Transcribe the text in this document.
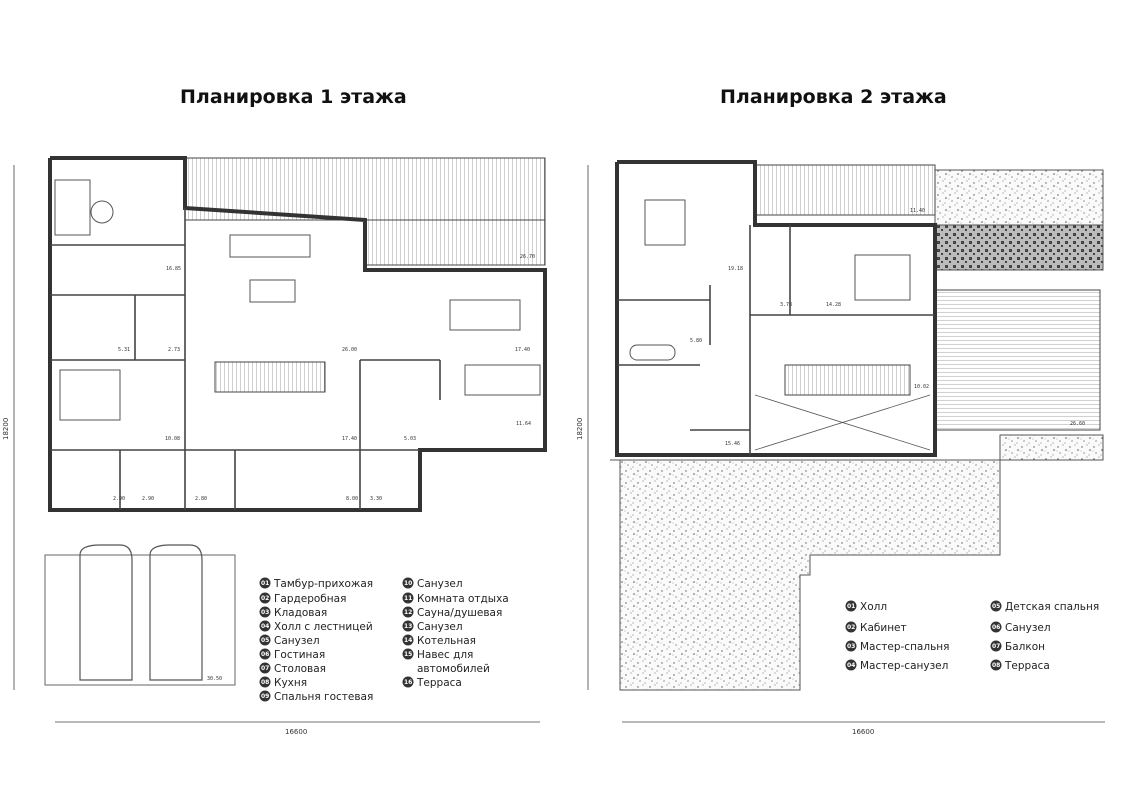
Планировка 1 этажа	Планировка 2 этажа
16600
18200
16.85
26.70
5.31	2.73	26.00	17.40
17.40	5.03
11.64
10.08
2.90	2.90	2.80	8.00 3.30
30.50
01 Тамбур-прихожая
02 Гардеробная
03 Кладовая
04 Холл с лестницей
05 Санузел
06 Гостиная
07 Столовая
08 Кухня
09 Спальня гостевая
10 Санузел
11 Комната отдыха
12 Сауна/душевая
13 Санузел
14 Котельная
15 Навес для
автомобилей
16 Терраса
16600
18200
11.40
19.18
5.80
3.78	14.28
10.02
15.46
26.60
01 Холл
02 Кабинет
03 Мастер-спальня
04 Мастер-санузел
05 Детская спальня
06 Санузел
07 Балкон
08 Терраса
